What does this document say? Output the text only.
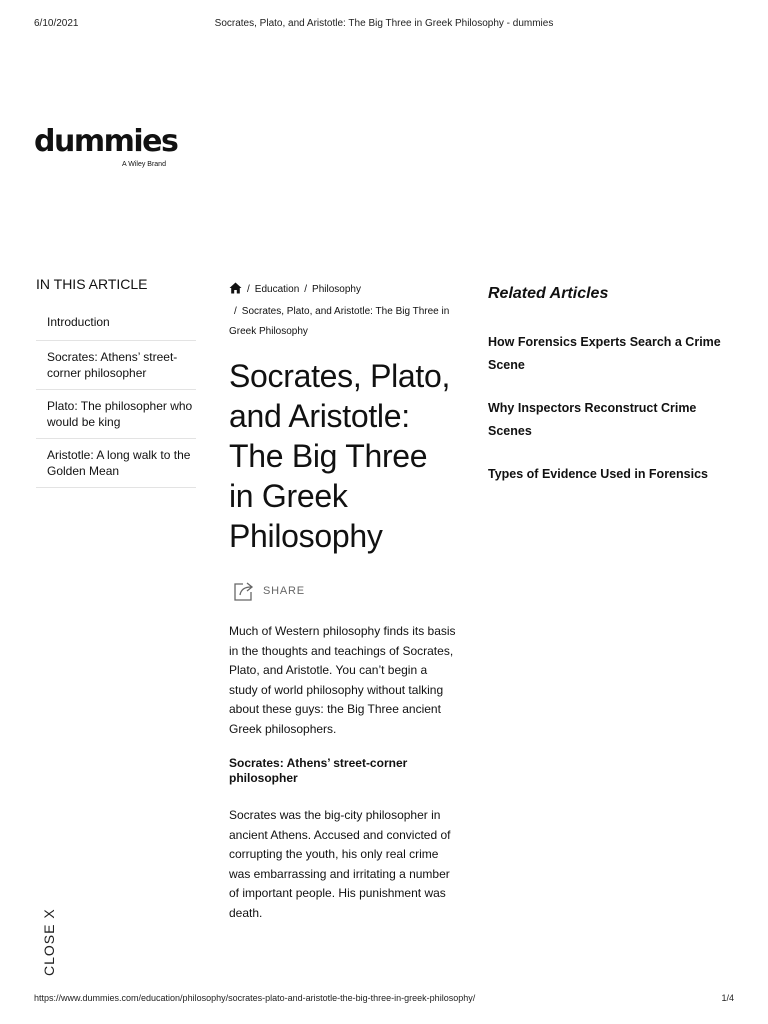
6/10/2021	Socrates, Plato, and Aristotle: The Big Three in Greek Philosophy - dummies
dummies
A Wiley Brand
IN THIS ARTICLE
Introduction
Socrates: Athens’ street-corner philosopher
Plato: The philosopher who would be king
Aristotle: A long walk to the Golden Mean
/ Education / Philosophy
/ Socrates, Plato, and Aristotle: The Big Three in Greek Philosophy
Socrates, Plato, and Aristotle: The Big Three in Greek Philosophy
SHARE

Much of Western philosophy finds its basis in the thoughts and teachings of Socrates, Plato, and Aristotle. You can’t begin a study of world philosophy without talking about these guys: the Big Three ancient Greek philosophers.

Socrates: Athens’ street-corner philosopher

Socrates was the big-city philosopher in ancient Athens. Accused and convicted of corrupting the youth, his only real crime was embarrassing and irritating a number of important people. His punishment was death.

Related Articles
How Forensics Experts Search a Crime Scene
Why Inspectors Reconstruct Crime Scenes
Types of Evidence Used in Forensics
CLOSE X
https://www.dummies.com/education/philosophy/socrates-plato-and-aristotle-the-big-three-in-greek-philosophy/	1/4
